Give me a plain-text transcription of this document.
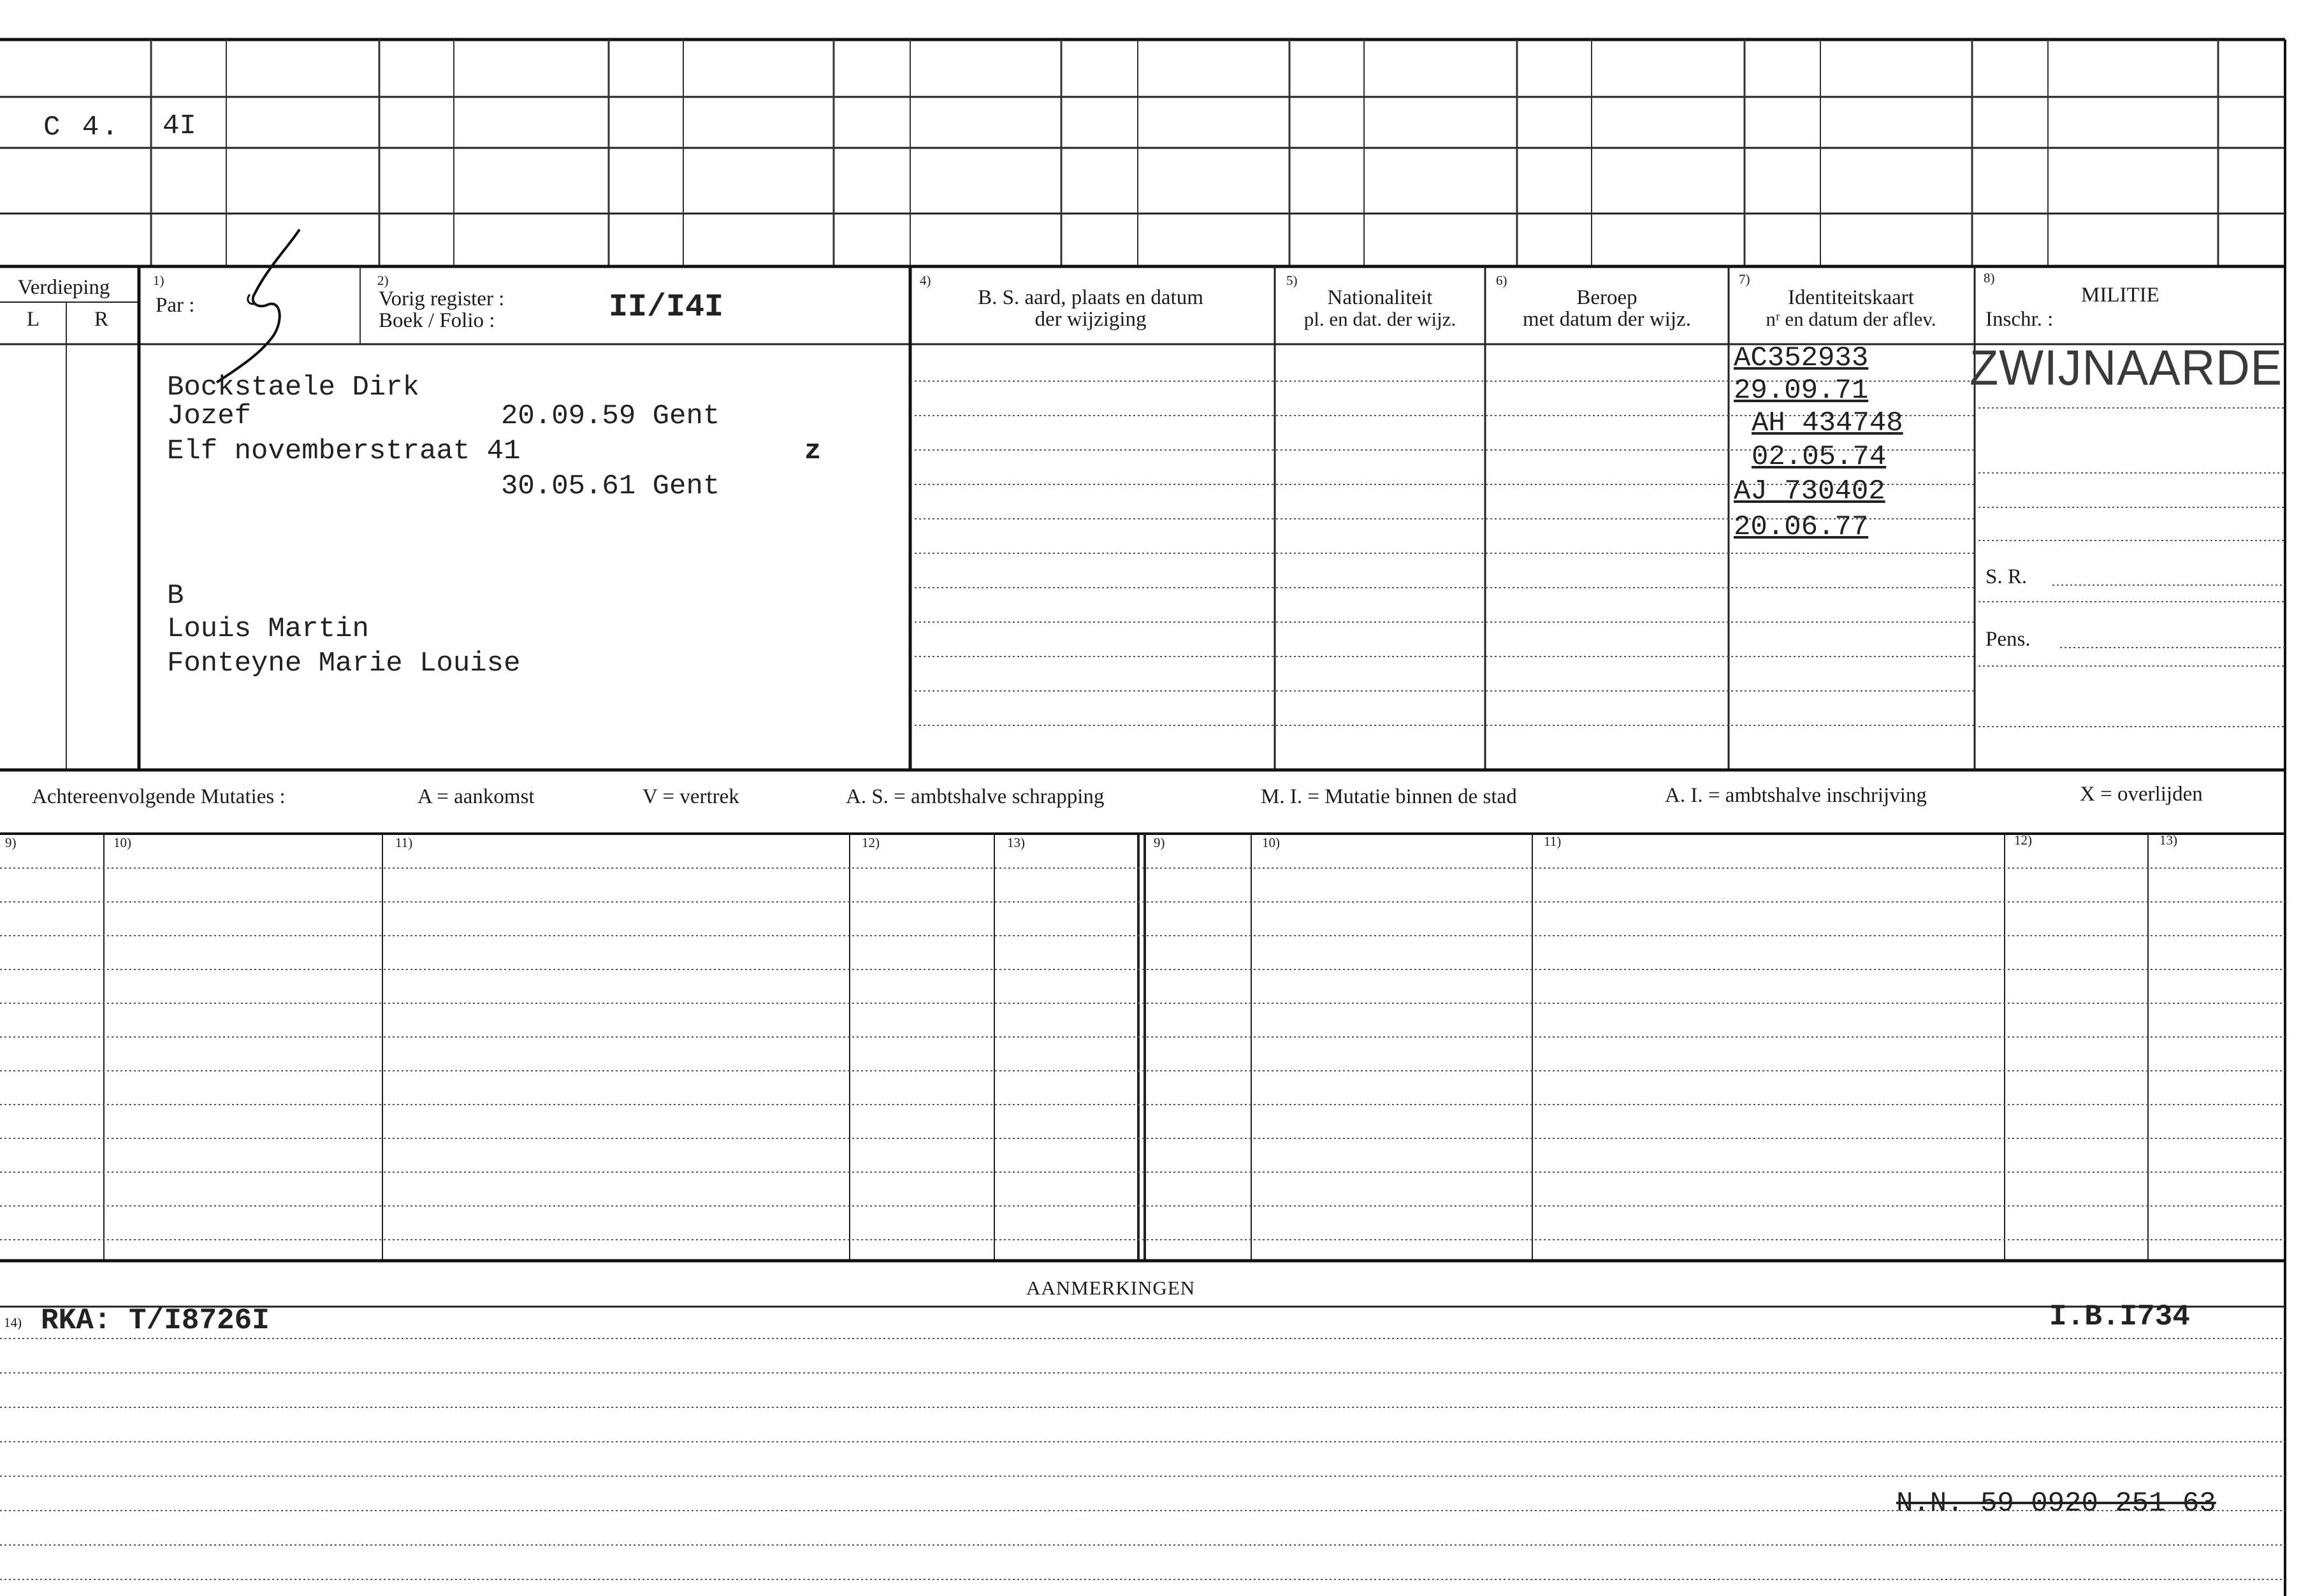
C 4. 4I
Verdieping
L	R
1)
Par :
2)
Vorig register :
Boek / Folio :	II/I4I
4)
B. S. aard, plaats en datum
der wijziging
5)
Nationaliteit
pl. en dat. der wijz.
6)
Beroep
met datum der wijz.
7)
Identiteitskaart
nʳ en datum der aflev.
8)
MILITIE
Inschr. :
S. R.
Pens.
Bockstaele Dirk
Jozef	20.09.59 Gent
Elf novemberstraat 41	z
30.05.61 Gent
B
Louis Martin
Fonteyne Marie Louise
AC352933
29.09.71
AH 434748
02.05.74
AJ 730402
20.06.77
ZWIJNAARDE
Achtereenvolgende Mutaties :	A = aankomst	V = vertrek	A. S. = ambtshalve schrapping	M. I. = Mutatie binnen de stad	A. I. = ambtshalve inschrijving	X = overlijden
9)	10)	11)	12)	13)	9)	10)	11)	12)	13)
AANMERKINGEN
14) RKA: T/I8726I	I.B.I734
N.N. 59 0920 251 63
